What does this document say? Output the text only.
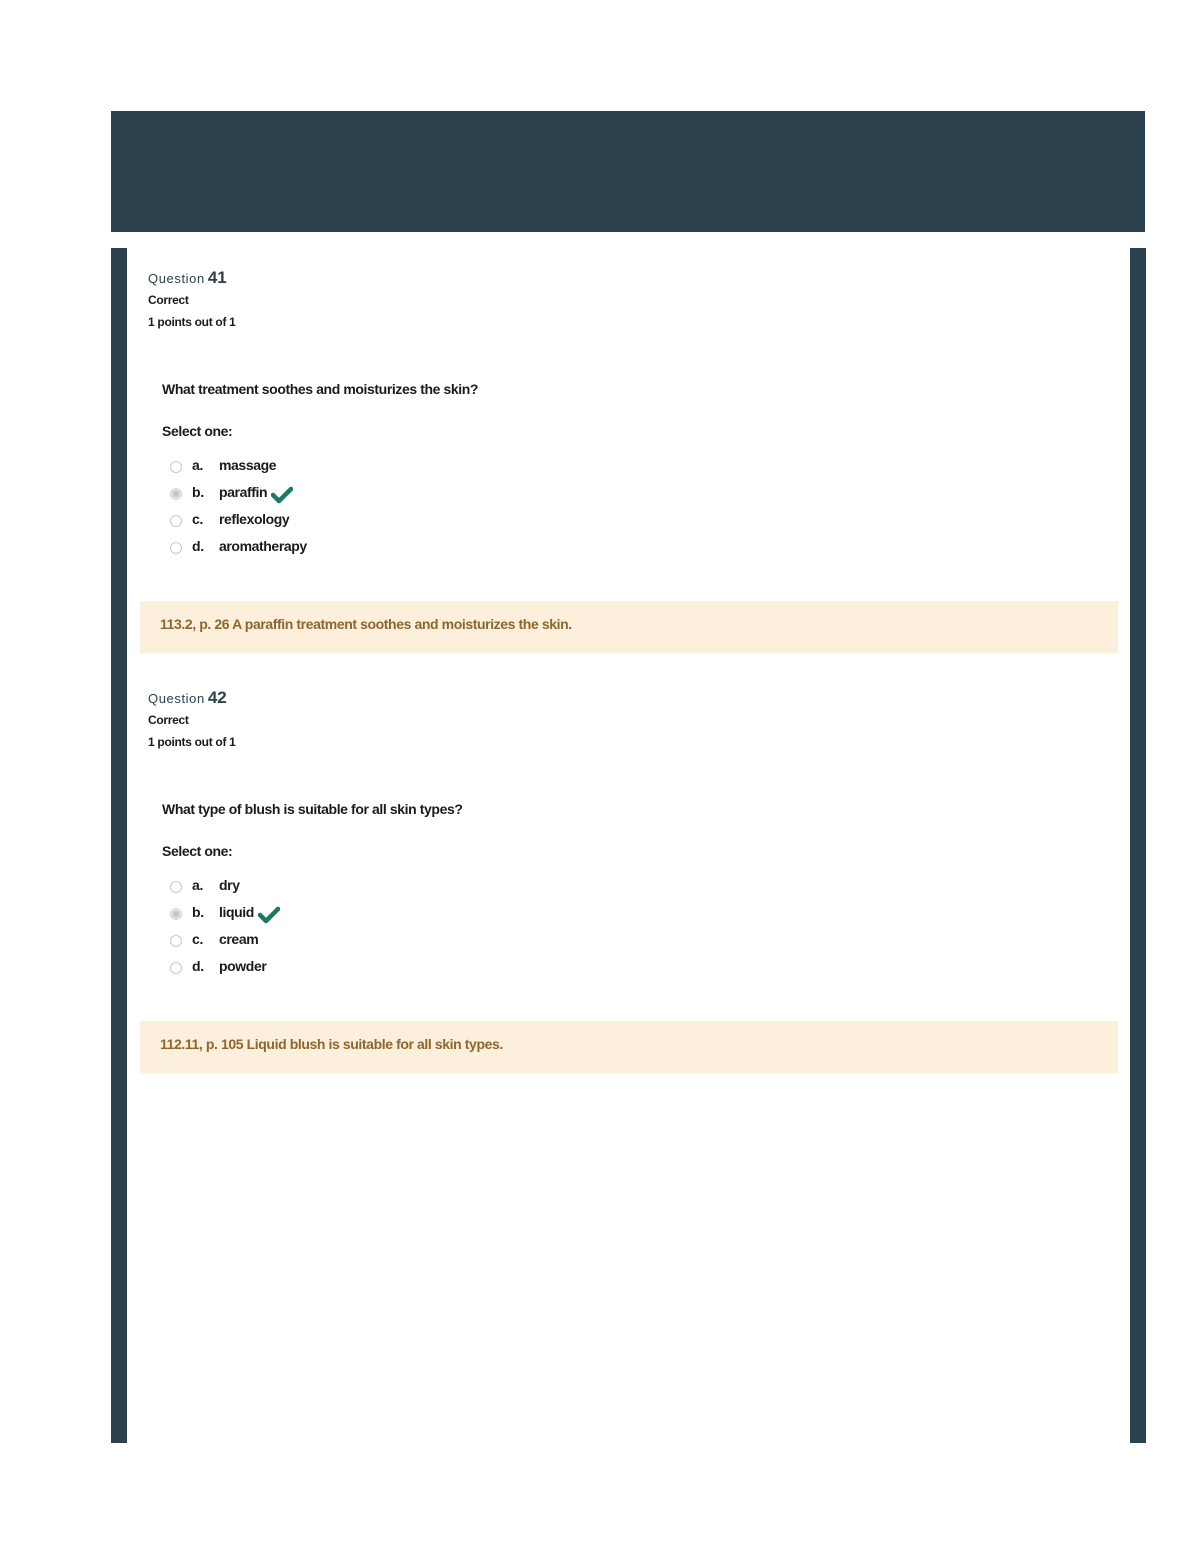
Question 41
Correct
1 points out of 1
What treatment soothes and moisturizes the skin?
Select one:
a.	massage
b.	paraffin
c.	reflexology
d.	aromatherapy
113.2, p. 26 A paraffin treatment soothes and moisturizes the skin.
Question 42
Correct
1 points out of 1
What type of blush is suitable for all skin types?
Select one:
a.	dry
b.	liquid
c.	cream
d.	powder
112.11, p. 105 Liquid blush is suitable for all skin types.
